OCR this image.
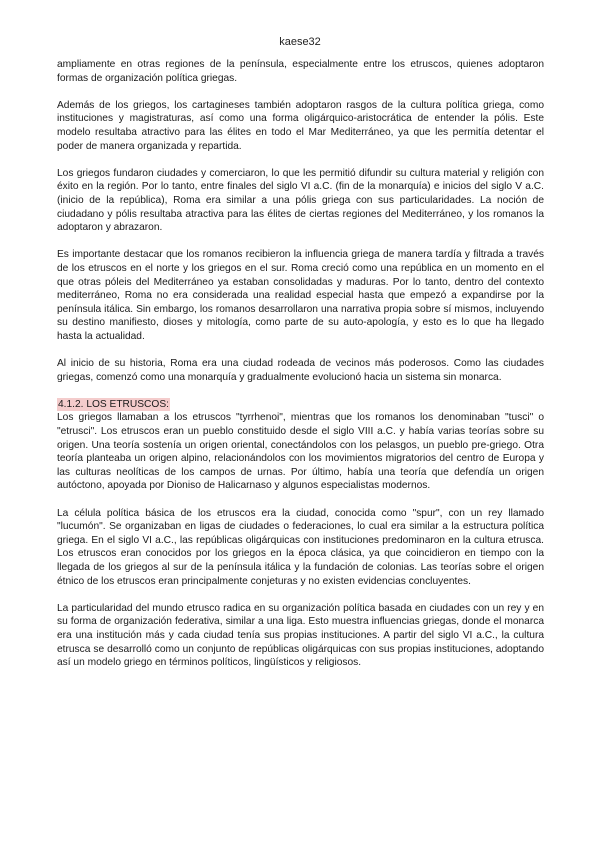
kaese32

ampliamente en otras regiones de la península, especialmente entre los etruscos, quienes adoptaron formas de organización política griegas.

Además de los griegos, los cartagineses también adoptaron rasgos de la cultura política griega, como instituciones y magistraturas, así como una forma oligárquico-aristocrática de entender la pólis. Este modelo resultaba atractivo para las élites en todo el Mar Mediterráneo, ya que les permitía detentar el poder de manera organizada y repartida.

Los griegos fundaron ciudades y comerciaron, lo que les permitió difundir su cultura material y religión con éxito en la región. Por lo tanto, entre finales del siglo VI a.C. (fin de la monarquía) e inicios del siglo V a.C. (inicio de la república), Roma era similar a una pólis griega con sus particularidades. La noción de ciudadano y pólis resultaba atractiva para las élites de ciertas regiones del Mediterráneo, y los romanos la adoptaron y abrazaron.

Es importante destacar que los romanos recibieron la influencia griega de manera tardía y filtrada a través de los etruscos en el norte y los griegos en el sur. Roma creció como una república en un momento en el que otras póleis del Mediterráneo ya estaban consolidadas y maduras. Por lo tanto, dentro del contexto mediterráneo, Roma no era considerada una realidad especial hasta que empezó a expandirse por la península itálica. Sin embargo, los romanos desarrollaron una narrativa propia sobre sí mismos, incluyendo su destino manifiesto, dioses y mitología, como parte de su auto-apología, y esto es lo que ha llegado hasta la actualidad.

Al inicio de su historia, Roma era una ciudad rodeada de vecinos más poderosos. Como las ciudades griegas, comenzó como una monarquía y gradualmente evolucionó hacia un sistema sin monarca.

4.1.2. LOS ETRUSCOS:

Los griegos llamaban a los etruscos "tyrrhenoi", mientras que los romanos los denominaban "tusci" o "etrusci". Los etruscos eran un pueblo constituido desde el siglo VIII a.C. y había varias teorías sobre su origen. Una teoría sostenía un origen oriental, conectándolos con los pelasgos, un pueblo pre-griego. Otra teoría planteaba un origen alpino, relacionándolos con los movimientos migratorios del centro de Europa y las culturas neolíticas de los campos de urnas. Por último, había una teoría que defendía un origen autóctono, apoyada por Dioniso de Halicarnaso y algunos especialistas modernos.

La célula política básica de los etruscos era la ciudad, conocida como "spur", con un rey llamado "lucumón". Se organizaban en ligas de ciudades o federaciones, lo cual era similar a la estructura política griega. En el siglo VI a.C., las repúblicas oligárquicas con instituciones predominaron en la cultura etrusca. Los etruscos eran conocidos por los griegos en la época clásica, ya que coincidieron en tiempo con la llegada de los griegos al sur de la península itálica y la fundación de colonias. Las teorías sobre el origen étnico de los etruscos eran principalmente conjeturas y no existen evidencias concluyentes.

La particularidad del mundo etrusco radica en su organización política basada en ciudades con un rey y en su forma de organización federativa, similar a una liga. Esto muestra influencias griegas, donde el monarca era una institución más y cada ciudad tenía sus propias instituciones. A partir del siglo VI a.C., la cultura etrusca se desarrolló como un conjunto de repúblicas oligárquicas con sus propias instituciones, adoptando así un modelo griego en términos políticos, lingüísticos y religiosos.
